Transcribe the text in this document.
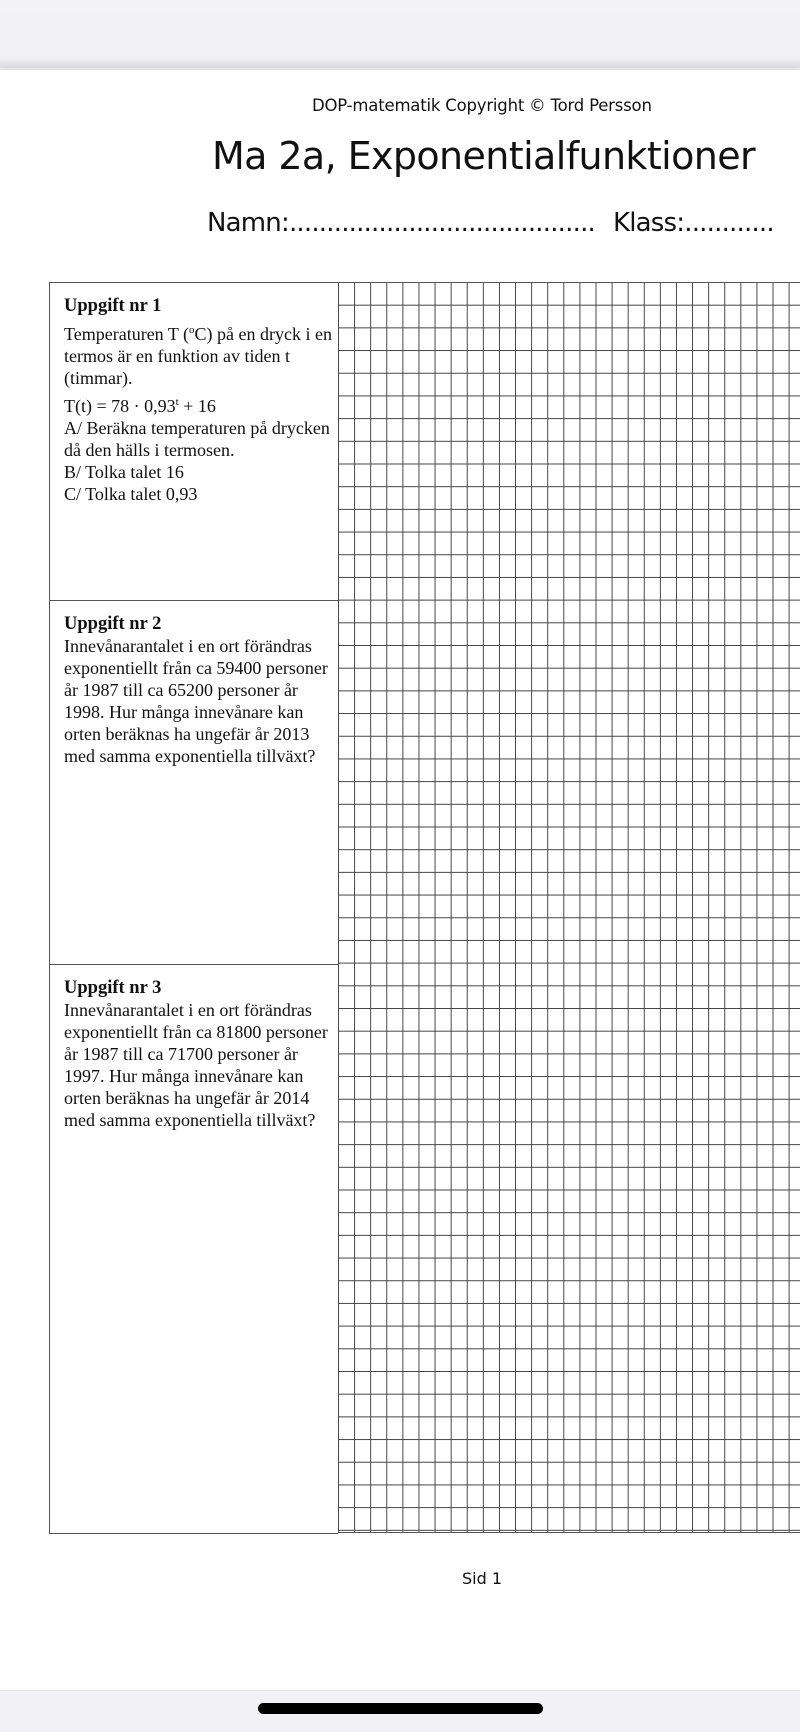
DOP-matematik Copyright © Tord Persson
Ma 2a, Exponentialfunktioner
Namn:......................................... Klass:............
Uppgift nr 1
Temperaturen T ($^o$C) på en dryck i en termos är en funktion av tiden t (timmar).
$T(t) = 78 \cdot 0,93^t + 16$
A/ Beräkna temperaturen på drycken då den hälls i termosen.
B/ Tolka talet 16
C/ Tolka talet 0,93
Uppgift nr 2
Innevånarantalet i en ort förändras exponentiellt från ca 59400 personer år 1987 till ca 65200 personer år 1998. Hur många innevånare kan orten beräknas ha ungefär år 2013 med samma exponentiella tillväxt?
Uppgift nr 3
Innevånarantalet i en ort förändras exponentiellt från ca 81800 personer år 1987 till ca 71700 personer år 1997. Hur många innevånare kan orten beräknas ha ungefär år 2014 med samma exponentiella tillväxt?
Sid 1
